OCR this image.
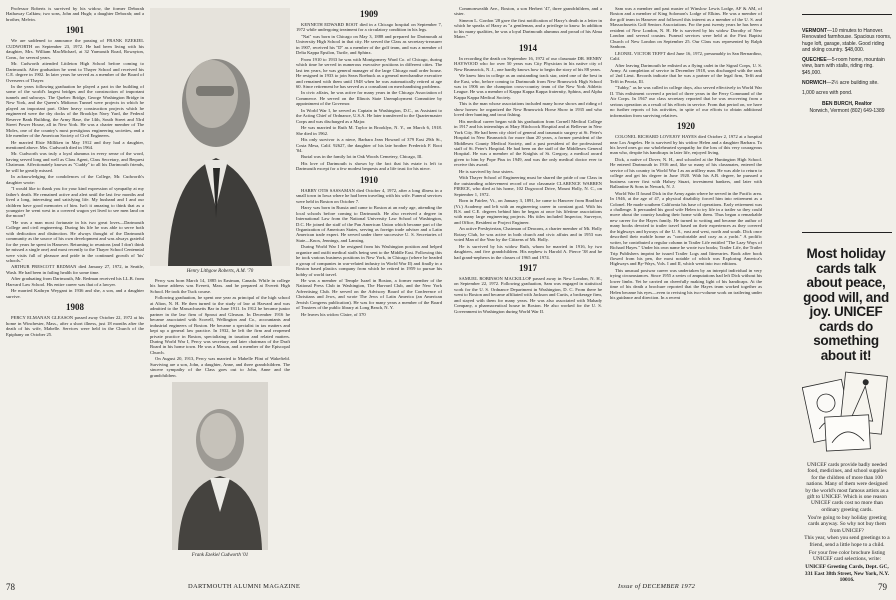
Professor Roberts is survived by his widow, the former Deborah Hathaway Calkins; two sons, John and Hugh; a daughter Deborah; and a brother, Melvin.

1901

We are saddened to announce the passing of FRANK EZEKIEL CUDWORTH on September 23, 1972. He had been living with his daughter, Mrs. William MacMichael, at 32 Yarmouth Road, Rowayton, Conn., for several years.

Mr. Cudworth attended Littleton High School before coming to Dartmouth. After graduation he went to Thayer School and received his C.E. degree in 1902. In later years he served as a member of the Board of Overseers of Thayer.

In the years following graduation he played a part in the building of some of the world's largest bridges and the construction of important tunnels and subways. The Quebec Bridge, George Washington Bridge in New York, and the Queen's Midtown Tunnel were projects in which he played an important part. Other heavy construction projects which he engineered were the dry docks of the Brooklyn Navy Yard, the Federal Reserve Bank Building, the Army Base, the 14th, South Street and 53rd Street Power House, all in New York. He was a charter member of The Moles, one of the country's most prestigious engineering societies, and a life member of the American Society of Civil Engineers.

He married Elsie Milliken in May 1912 and they had a daughter, mentioned above. Mrs. Cudworth died in 1964.

Mr. Cudworth was truly a loyal alumnus in every sense of the word, having served long and well as Class Agent, Class Secretary, and Bequest Chairman. Affectionately known as "Cuddy" to all his Dartmouth friends, he will be greatly missed.

In acknowledging the condolences of the College, Mr. Cudworth's daughter wrote:

"I would like to thank you for your kind expression of sympathy at my father's death. He remained active and alert until the last few months and lived a long, interesting and satisfying life. My husband and I and our children have good memories of him. Isn't it amazing to think that as a youngster he went west in a covered wagon yet lived to see men land on the moon?

"He was a man most fortunate in his two great loves—Dartmouth College and civil engineering. During his life he was able to serve both with dedication and distinction. He always thought of the Dartmouth community as the source of his own development and was always grateful for the years he spent in Hanover. Returning to reunions (and I don't think he missed a single one) and most recently to the Thayer School Centennial were visits full of pleasure and pride in the continued growth of 'his' schools."

ARTHUR PRESCOTT REDMAN died January 27, 1972, in Seattle, Wash. He had been in failing health for some time.

After graduating from Dartmouth, Mr. Redman received his LL.B. from Harvard Law School. His entire career was that of a lawyer.

He married Kathryn Weygant in 1936 and she, a son, and a daughter survive.

1908

PERCY ELMANAN GLEASON passed away October 22, 1972 at his home in Winchester, Mass., after a short illness, just 18 months after the death of his wife, Mabelle. Services were held in the Church of the Epiphany on October 25.

Henry Lithgow Roberts, A.M. '70

Percy was born March 14, 1885 in Eastman, Canada. While in college his home address was Everett, Mass. and he prepared at Everett High School. He took the Tuck course.

Following graduation, he spent one year as principal of the high school at Alton, N. H. He then turned to the study of law at Harvard and was admitted to the Massachusetts Bar in June 1911. In 1912 he became junior partner in the law firm of Sprout and Gleason. In December 1916 he became associated with Scovell, Wellington and Co., accountants and industrial engineers of Boston. He became a specialist in tax matters and kept up a general law practice. In 1932, he left the firm and reopened private practice in Boston, specializing in taxation and related matters. During World War I, Percy was secretary and later chairman of the Draft Board in his home town. He was a Mason, and a member of the Episcopal Church.

On August 20, 1913, Percy was married to Mabelle Flint of Wakefield. Surviving are a son, John, a daughter, Anne, and three grandchildren. The sincere sympathy of the Class goes out to John, Anne and the grandchildren.

Frank Ezekiel Cudworth '01
1909

KENNETH EDWARD ROOT died in a Chicago hospital on September 7, 1972 while undergoing treatment for a circulatory condition in his legs.

"Nat" was born in Chicago on May 3, 1888 and prepared for Dartmouth at University High School in that city. He served the Class as secretary-treasurer in 1907, received his "D" as a member of the golf team, and was a member of Delta Kappa Epsilon, Turtle, and Sphinx.

From 1910 to 1933 he was with Montgomery Ward Co. of Chicago, during which time he served in numerous executive positions in different cities. The last ten years, he was general manager of the large Chicago mail order house. He resigned in 1933 to join Sears Roebuck as a general merchandise executive and remained with them until 1948 when he was automatically retired at age 60. Since retirement he has served as a consultant on merchandising problems.

In civic affairs, he was active for many years in the Chicago Association of Commerce. He served on the Illinois State Unemployment Committee by appointment of the Governor.

In World War I, he served as Captain in Washington, D.C., as Assistant to the Acting Chief of Ordnance, U.S.A. He later transferred to the Quartermaster Corps and was discharged as a Major.

He was married to Ruth M. Taylor in Brooklyn, N. Y., on March 6, 1918. She died in 1962.

His only survivor is a niece, Barbara Jean Howard of 379 East 29th St., Costa Mesa, Calif. 92627, the daughter of his late brother Frederick F. Root '04.

Burial was in the family lot in Oak Woods Cemetery, Chicago, Ill.

His love of Dartmouth is shown by the fact that his estate is left to Dartmouth except for a few modest bequests and a life trust for his niece.

1910

HARRY OTIS SASSAMAN died October 4, 1972, after a long illness in a small town in Iowa where he had been traveling with his wife. Funeral services were held in Boston on October 7.

Harry was born in Russia and came to Boston at an early age, attending the local schools before coming to Dartmouth. He also received a degree in International Law from the National University Law School of Washington, D.C. He joined the staff of the Pan American Union which became part of the Organization of American States, serving as foreign trade adviser and a Latin American trade expert. He served under three successive U. S. Secretaries of State—Knox, Jennings, and Lansing.

During World War I he resigned from his Washington position and helped organize and outfit medical staffs being sent to the Middle East. Following this he took various business positions in New York, in Chicago (where he headed a group of companies in war-related industry in World War II) and finally in a Boston based plastics company from which he retired in 1959 to pursue his hobby of world travel.

He was a member of Temple Israel in Boston, a former member of the National Press Club in Washington, The Harvard Club, and the New York Advertising Club. He served on the Advisory Board of the Conference of Christians and Jews, and wrote The Jews of Latin America (an American Jewish Congress publication). He was for many years a member of the Board of Trustees of the public library at Long Beach, N. Y.

He leaves his widow Claire, of 370

78	DARTMOUTH ALUMNI MAGAZINE

Commonwealth Ave., Boston, a son Herbert '47, three grandchildren, and a sister.

Simeon L. Gordon '28 gave the first notification of Harry's death in a letter in which he speaks of Harry as "a gentleman, and a privilege to know. In addition to his many qualities, he was a loyal Dartmouth alumnus and proud of his Alma Mater."

1914

In recording the death on September 16, 1972 of our classmate DR. HENRY HAYWOOD who for over 50 years was City Physician in his native city of New Brunswick, N. J., one hardly knows how to begin the story of his 88 years.

We knew him in college as an outstanding track star, rated one of the best in the East, who, before coming to Dartmouth from New Brunswick High School was in 1906 on the champion cross-country team of the New York Athletic League. He was a member of Kappa Kappa Kappa fraternity, Sphinx, and Alpha Kappa Kappa Medical Society.

This is the man whose associations included many horse shows and riding of show horses: he organized the New Brunswick Horse Show in 1935 and who loved deer hunting and trout fishing.

His medical career began with his graduation from Cornell Medical College in 1917 and his internships at Mary Hitchcock Hospital and at Bellevue in New York City. He had been city chief of general and traumatic surgery at St. Peter's Hospital in New Brunswick for more than 20 years, a former president of the Middlesex County Medical Society, and a past president of the professional staff of St. Peter's Hospital. He had been on the staff of the Middlesex General Hospital. He was a member of the Knights of St. Gregory, a medical award given to him by Pope Pius in 1949, and was the only medical doctor ever to receive this award.

He is survived by four sisters.

With Thayer School of Engineering must be shared the pride of our Class in the outstanding achievement record of our classmate CLARENCE WARREN PIERCE, who died at his home, 102 Dogwood Drive, Mount Holly, N. C., on September 1, 1972.

Born in Fairlee, Vt., on January 3, 1891, he came to Hanover from Bradford (Vt.) Academy and left with an engineering career in constant goal. With his B.S. and C.E. degrees behind him he began at once his lifetime associations with many large engineering projects. His titles included Inspector, Surveyor, and Office, Resident or Project Engineer.

An active Presbyterian, Chairman of Deacons, a charter member of Mt. Holly Rotary Club, he was active in both church and civic affairs and in 1953 was voted Man of the Year by the Citizens of Mt. Holly.

He is survived by his widow Ruth, whom he married in 1916, by two daughters, and five grandchildren. His nephew is Harold A. Pierce '38 and he had grand-nephews in the classes of 1965 and 1974.

1917

SAMUEL ROBINSON MACKILLOP passed away in New London, N. H., on September 22, 1972. Following graduation, Sam was engaged in statistical work for the U. S. Ordnance Department in Washington, D. C. From there he went to Boston and became affiliated with Jackson and Curtis, a brokerage firm, and stayed with them for many years. He was also associated with Mahady Company, a pharmaceutical house in Boston. He also worked for the U. S. Government in Washington during World War II.

Sam was a member and past master of Winslow Lewis Lodge, AF & AM, of Boston and a member of King Solomon's Lodge of Elkins. He was a member of the golf team in Hanover and followed this interest as a member of the U. S. and Massachusetts Golf Seniors Associations. For the past twenty years he has been a resident of New London, N. H. He is survived by his widow Dorothy of New London and several cousins. Funeral services were held at the First Baptist Church of New London on September 25. Our Class was represented by Ralph Sanborn.

LEONEL VICTOR TEFFT died June 16, 1972, presumably in San Bernardino, Calif.

After leaving Dartmouth he enlisted as a flying cadet in the Signal Corps, U. S. Army. At completion of service in December 1918, was discharged with the rank of 2nd Lieut. Records indicate that he was a partner of the legal firm, Tefft and Tefft in Peoria, Ill.

"Tubby," as he was called in college days, also served effectively in World War II. This enlistment covered a period of three years in the Ferry Command of the Air Corps. In 1947 our class secretary reported that he was recovering from a serious operation as a result of his efforts in service. From that period on, we have no further reports of his activities, in spite of our efforts to obtain additional information from surviving relatives.

1920

COLONEL RICHARD LOVEJOY HAYES died October 2, 1972 at a hospital near Los Angeles. He is survived by his widow Helen and a daughter Barbara. To his loved ones go our wholehearted sympathy for the loss of this very courageous man who, despite his handicaps in later life, enjoyed living.

Dick, a native of Dover, N. H., and schooled at the Huntington High School. He entered Dartmouth in 1916 and, like so many of his classmates, entered the service of his country in World War I as an artillery man. He was able to return to college and get his degree in June 1920. With his A.B. degree, he pursued a business career first with Halsey Stuart, investment bankers, and later with Ballantine & Sons in Newark, N. J.

World War II found Dick in the Army again where he served in the Pacific area. In 1946, at the age of 47, a physical disability forced him into retirement as a Colonel. He made southern California his base of operations. Early retirement was a challenge. It persuaded his good wife Helen to try life in a trailer so they could move about the country hauling their home with them. Thus began a remarkable new career for the Hayes family. He turned to writing and became the author of many books devoted to trailer travel based on their experiences as they covered the highways and byways of the U. S., east and west, north and south. Dick once described their mobile home as "comfortable and cozy as a yacht." A prolific writer, he contributed a regular column in Trailer Life entitled "The Lazy Ways of Richard Hayes." Under his own name he wrote two books; Trailer Life, the Trailer Trip Publishers imprint he issued Trailer Logs and Itineraries. Book after book flowed from his pen, the most notable of which was Exploring America's Highways and By-Ways, Vols. I and II, which went into two editions.

This unusual postwar career was undertaken by an intrepid individual in very trying circumstances. Since 1955 a series of amputations had left Dick without his lower limbs. Yet he carried on cheerfully making light of his handicaps. At the time of his death a brochure reported that the Hayes team worked together as Helen became his eyes—even to revising his two-volume work on trailering under his guidance and direction. In a recent

VERMONT—10 minutes to Hanover. Renovated farmhouse. Spacious rooms, huge loft, garage, stable. Good riding and skiing country. $48,000.

QUECHEE—5-room home, mountain view, barn with stalls, riding ring. $45,000.

NORWICH—2½ acre building site.

1,000 acres with pond.

BEN BURCH, Realtor

Norwich, Vermont (802) 649-1389

Most holiday cards talk about peace, good will, and joy. UNICEF cards do something about it!

UNICEF cards provide badly needed food, medicines, and school supplies for the children of more than 100 nations. Many of them were designed by the world's most famous artists as a gift to UNICEF. Which is one reason UNICEF cards cost no more than ordinary greeting cards.

You're going to buy holiday greeting cards anyway. So why not buy them from UNICEF?

This year, when you send greetings to a friend, send a little hope to a child.

For your free color brochure listing UNICEF card selections, write:

UNICEF Greeting Cards, Dept. GC, 331 East 38th Street, New York, N.Y. 10016.

Issue of DECEMBER 1972	79
